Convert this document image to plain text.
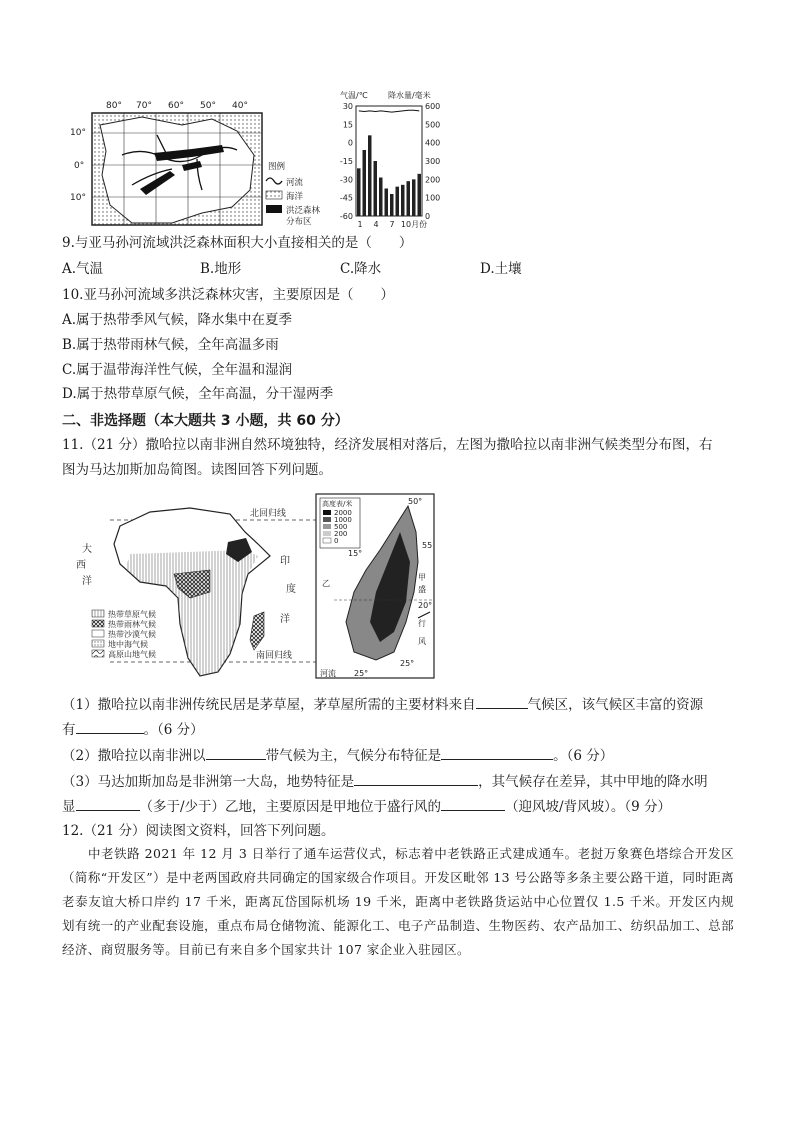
80° 70° 60° 50° 40°
10°
0°
10°
图例
河流
海洋
洪泛森林
分布区
气温/℃	降水量/毫米
30
15
0
-15
-30
-45
-60
600
500
400
300
200
100
0
1 4 7 10月份
9.与亚马孙河流域洪泛森林面积大小直接相关的是（　　）
A.气温	B.地形	C.降水	D.土壤
10.亚马孙河流域多洪泛森林灾害，主要原因是（　　）
A.属于热带季风气候，降水集中在夏季
B.属于热带雨林气候，全年高温多雨
C.属于温带海洋性气候，全年温和湿润
D.属于热带草原气候，全年高温，分干湿两季
二、非选择题（本大题共 3 小题，共 60 分）
11.（21 分）撒哈拉以南非洲自然环境独特，经济发展相对落后，左图为撒哈拉以南非洲气候类型分布图，右
图为马达加斯加岛简图。读图回答下列问题。
北回归线
大
西
洋
印
度
洋
南回归线
热带草原气候
热带雨林气候
热带沙漠气候
地中海气候
高原山地气候
高度表/米
2000
1000
500
200
0
50°
15°
55
甲
盛
乙
20°
行
风
25°
25°
河流
（1）撒哈拉以南非洲传统民居是茅草屋，茅草屋所需的主要材料来自	气候区，该气候区丰富的资源
有	。（6 分）
（2）撒哈拉以南非洲以	带气候为主，气候分布特征是	。（6 分）
（3）马达加斯加岛是非洲第一大岛，地势特征是	，其气候存在差异，其中甲地的降水明
显	（多于/少于）乙地，主要原因是甲地位于盛行风的	（迎风坡/背风坡）。（9 分）
12.（21 分）阅读图文资料，回答下列问题。
中老铁路 2021 年 12 月 3 日举行了通车运营仪式，标志着中老铁路正式建成通车。老挝万象赛色塔综合开发区（简称“开发区”）是中老两国政府共同确定的国家级合作项目。开发区毗邻 13 号公路等多条主要公路干道，同时距离老泰友谊大桥口岸约 17 千米，距离瓦岱国际机场 19 千米，距离中老铁路货运站中心位置仅 1.5 千米。开发区内规划有统一的产业配套设施，重点布局仓储物流、能源化工、电子产品制造、生物医药、农产品加工、纺织品加工、总部经济、商贸服务等。目前已有来自多个国家共计 107 家企业入驻园区。
